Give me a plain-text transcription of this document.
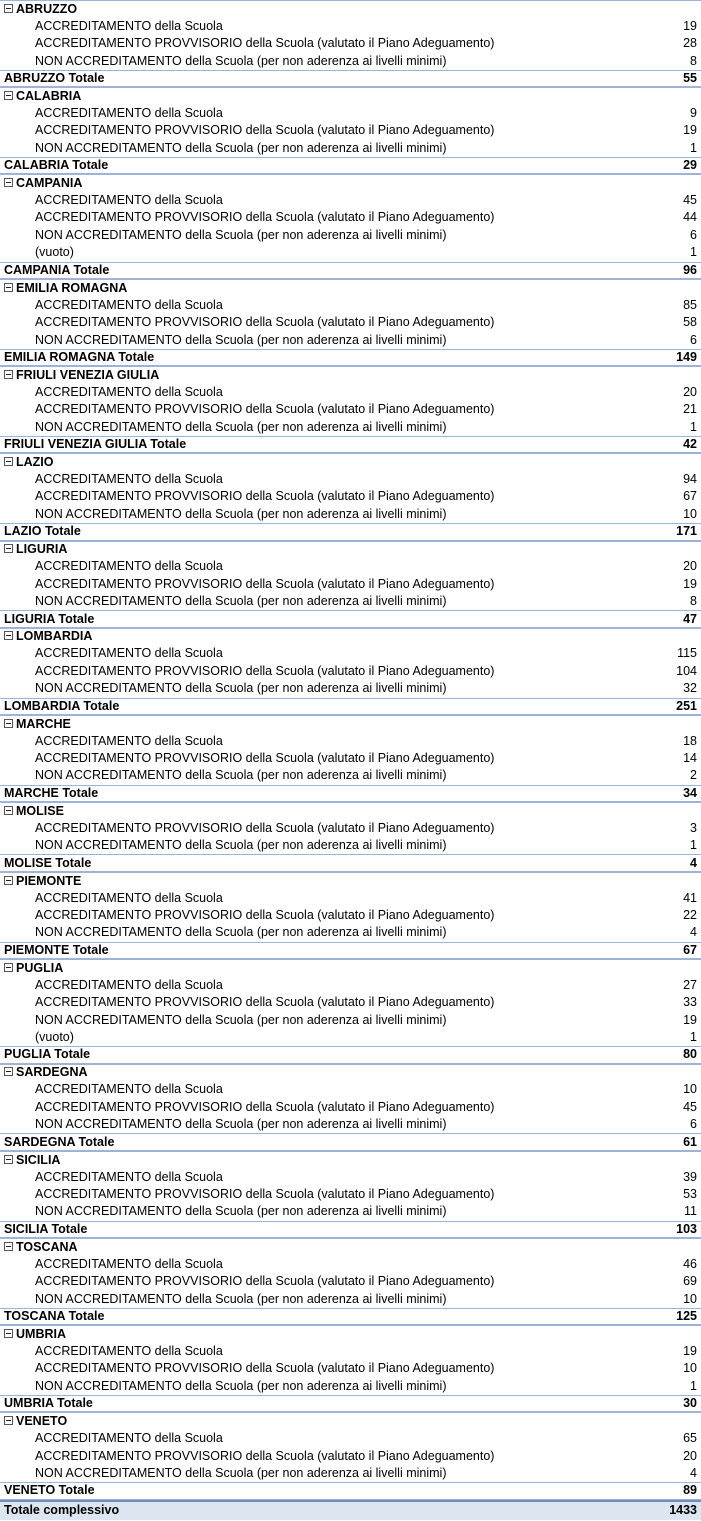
ABRUZZO
ACCREDITAMENTO della Scuola	19
ACCREDITAMENTO PROVVISORIO della Scuola (valutato il Piano Adeguamento)	28
NON ACCREDITAMENTO della Scuola (per non aderenza ai livelli minimi)	8
ABRUZZO Totale	55
CALABRIA
ACCREDITAMENTO della Scuola	9
ACCREDITAMENTO PROVVISORIO della Scuola (valutato il Piano Adeguamento)	19
NON ACCREDITAMENTO della Scuola (per non aderenza ai livelli minimi)	1
CALABRIA Totale	29
CAMPANIA
ACCREDITAMENTO della Scuola	45
ACCREDITAMENTO PROVVISORIO della Scuola (valutato il Piano Adeguamento)	44
NON ACCREDITAMENTO della Scuola (per non aderenza ai livelli minimi)	6
(vuoto)	1
CAMPANIA Totale	96
EMILIA ROMAGNA
ACCREDITAMENTO della Scuola	85
ACCREDITAMENTO PROVVISORIO della Scuola (valutato il Piano Adeguamento)	58
NON ACCREDITAMENTO della Scuola (per non aderenza ai livelli minimi)	6
EMILIA ROMAGNA Totale	149
FRIULI VENEZIA GIULIA
ACCREDITAMENTO della Scuola	20
ACCREDITAMENTO PROVVISORIO della Scuola (valutato il Piano Adeguamento)	21
NON ACCREDITAMENTO della Scuola (per non aderenza ai livelli minimi)	1
FRIULI VENEZIA GIULIA Totale	42
LAZIO
ACCREDITAMENTO della Scuola	94
ACCREDITAMENTO PROVVISORIO della Scuola (valutato il Piano Adeguamento)	67
NON ACCREDITAMENTO della Scuola (per non aderenza ai livelli minimi)	10
LAZIO Totale	171
LIGURIA
ACCREDITAMENTO della Scuola	20
ACCREDITAMENTO PROVVISORIO della Scuola (valutato il Piano Adeguamento)	19
NON ACCREDITAMENTO della Scuola (per non aderenza ai livelli minimi)	8
LIGURIA Totale	47
LOMBARDIA
ACCREDITAMENTO della Scuola	115
ACCREDITAMENTO PROVVISORIO della Scuola (valutato il Piano Adeguamento)	104
NON ACCREDITAMENTO della Scuola (per non aderenza ai livelli minimi)	32
LOMBARDIA Totale	251
MARCHE
ACCREDITAMENTO della Scuola	18
ACCREDITAMENTO PROVVISORIO della Scuola (valutato il Piano Adeguamento)	14
NON ACCREDITAMENTO della Scuola (per non aderenza ai livelli minimi)	2
MARCHE Totale	34
MOLISE
ACCREDITAMENTO PROVVISORIO della Scuola (valutato il Piano Adeguamento)	3
NON ACCREDITAMENTO della Scuola (per non aderenza ai livelli minimi)	1
MOLISE Totale	4
PIEMONTE
ACCREDITAMENTO della Scuola	41
ACCREDITAMENTO PROVVISORIO della Scuola (valutato il Piano Adeguamento)	22
NON ACCREDITAMENTO della Scuola (per non aderenza ai livelli minimi)	4
PIEMONTE Totale	67
PUGLIA
ACCREDITAMENTO della Scuola	27
ACCREDITAMENTO PROVVISORIO della Scuola (valutato il Piano Adeguamento)	33
NON ACCREDITAMENTO della Scuola (per non aderenza ai livelli minimi)	19
(vuoto)	1
PUGLIA Totale	80
SARDEGNA
ACCREDITAMENTO della Scuola	10
ACCREDITAMENTO PROVVISORIO della Scuola (valutato il Piano Adeguamento)	45
NON ACCREDITAMENTO della Scuola (per non aderenza ai livelli minimi)	6
SARDEGNA Totale	61
SICILIA
ACCREDITAMENTO della Scuola	39
ACCREDITAMENTO PROVVISORIO della Scuola (valutato il Piano Adeguamento)	53
NON ACCREDITAMENTO della Scuola (per non aderenza ai livelli minimi)	11
SICILIA Totale	103
TOSCANA
ACCREDITAMENTO della Scuola	46
ACCREDITAMENTO PROVVISORIO della Scuola (valutato il Piano Adeguamento)	69
NON ACCREDITAMENTO della Scuola (per non aderenza ai livelli minimi)	10
TOSCANA Totale	125
UMBRIA
ACCREDITAMENTO della Scuola	19
ACCREDITAMENTO PROVVISORIO della Scuola (valutato il Piano Adeguamento)	10
NON ACCREDITAMENTO della Scuola (per non aderenza ai livelli minimi)	1
UMBRIA Totale	30
VENETO
ACCREDITAMENTO della Scuola	65
ACCREDITAMENTO PROVVISORIO della Scuola (valutato il Piano Adeguamento)	20
NON ACCREDITAMENTO della Scuola (per non aderenza ai livelli minimi)	4
VENETO Totale	89
Totale complessivo	1433
